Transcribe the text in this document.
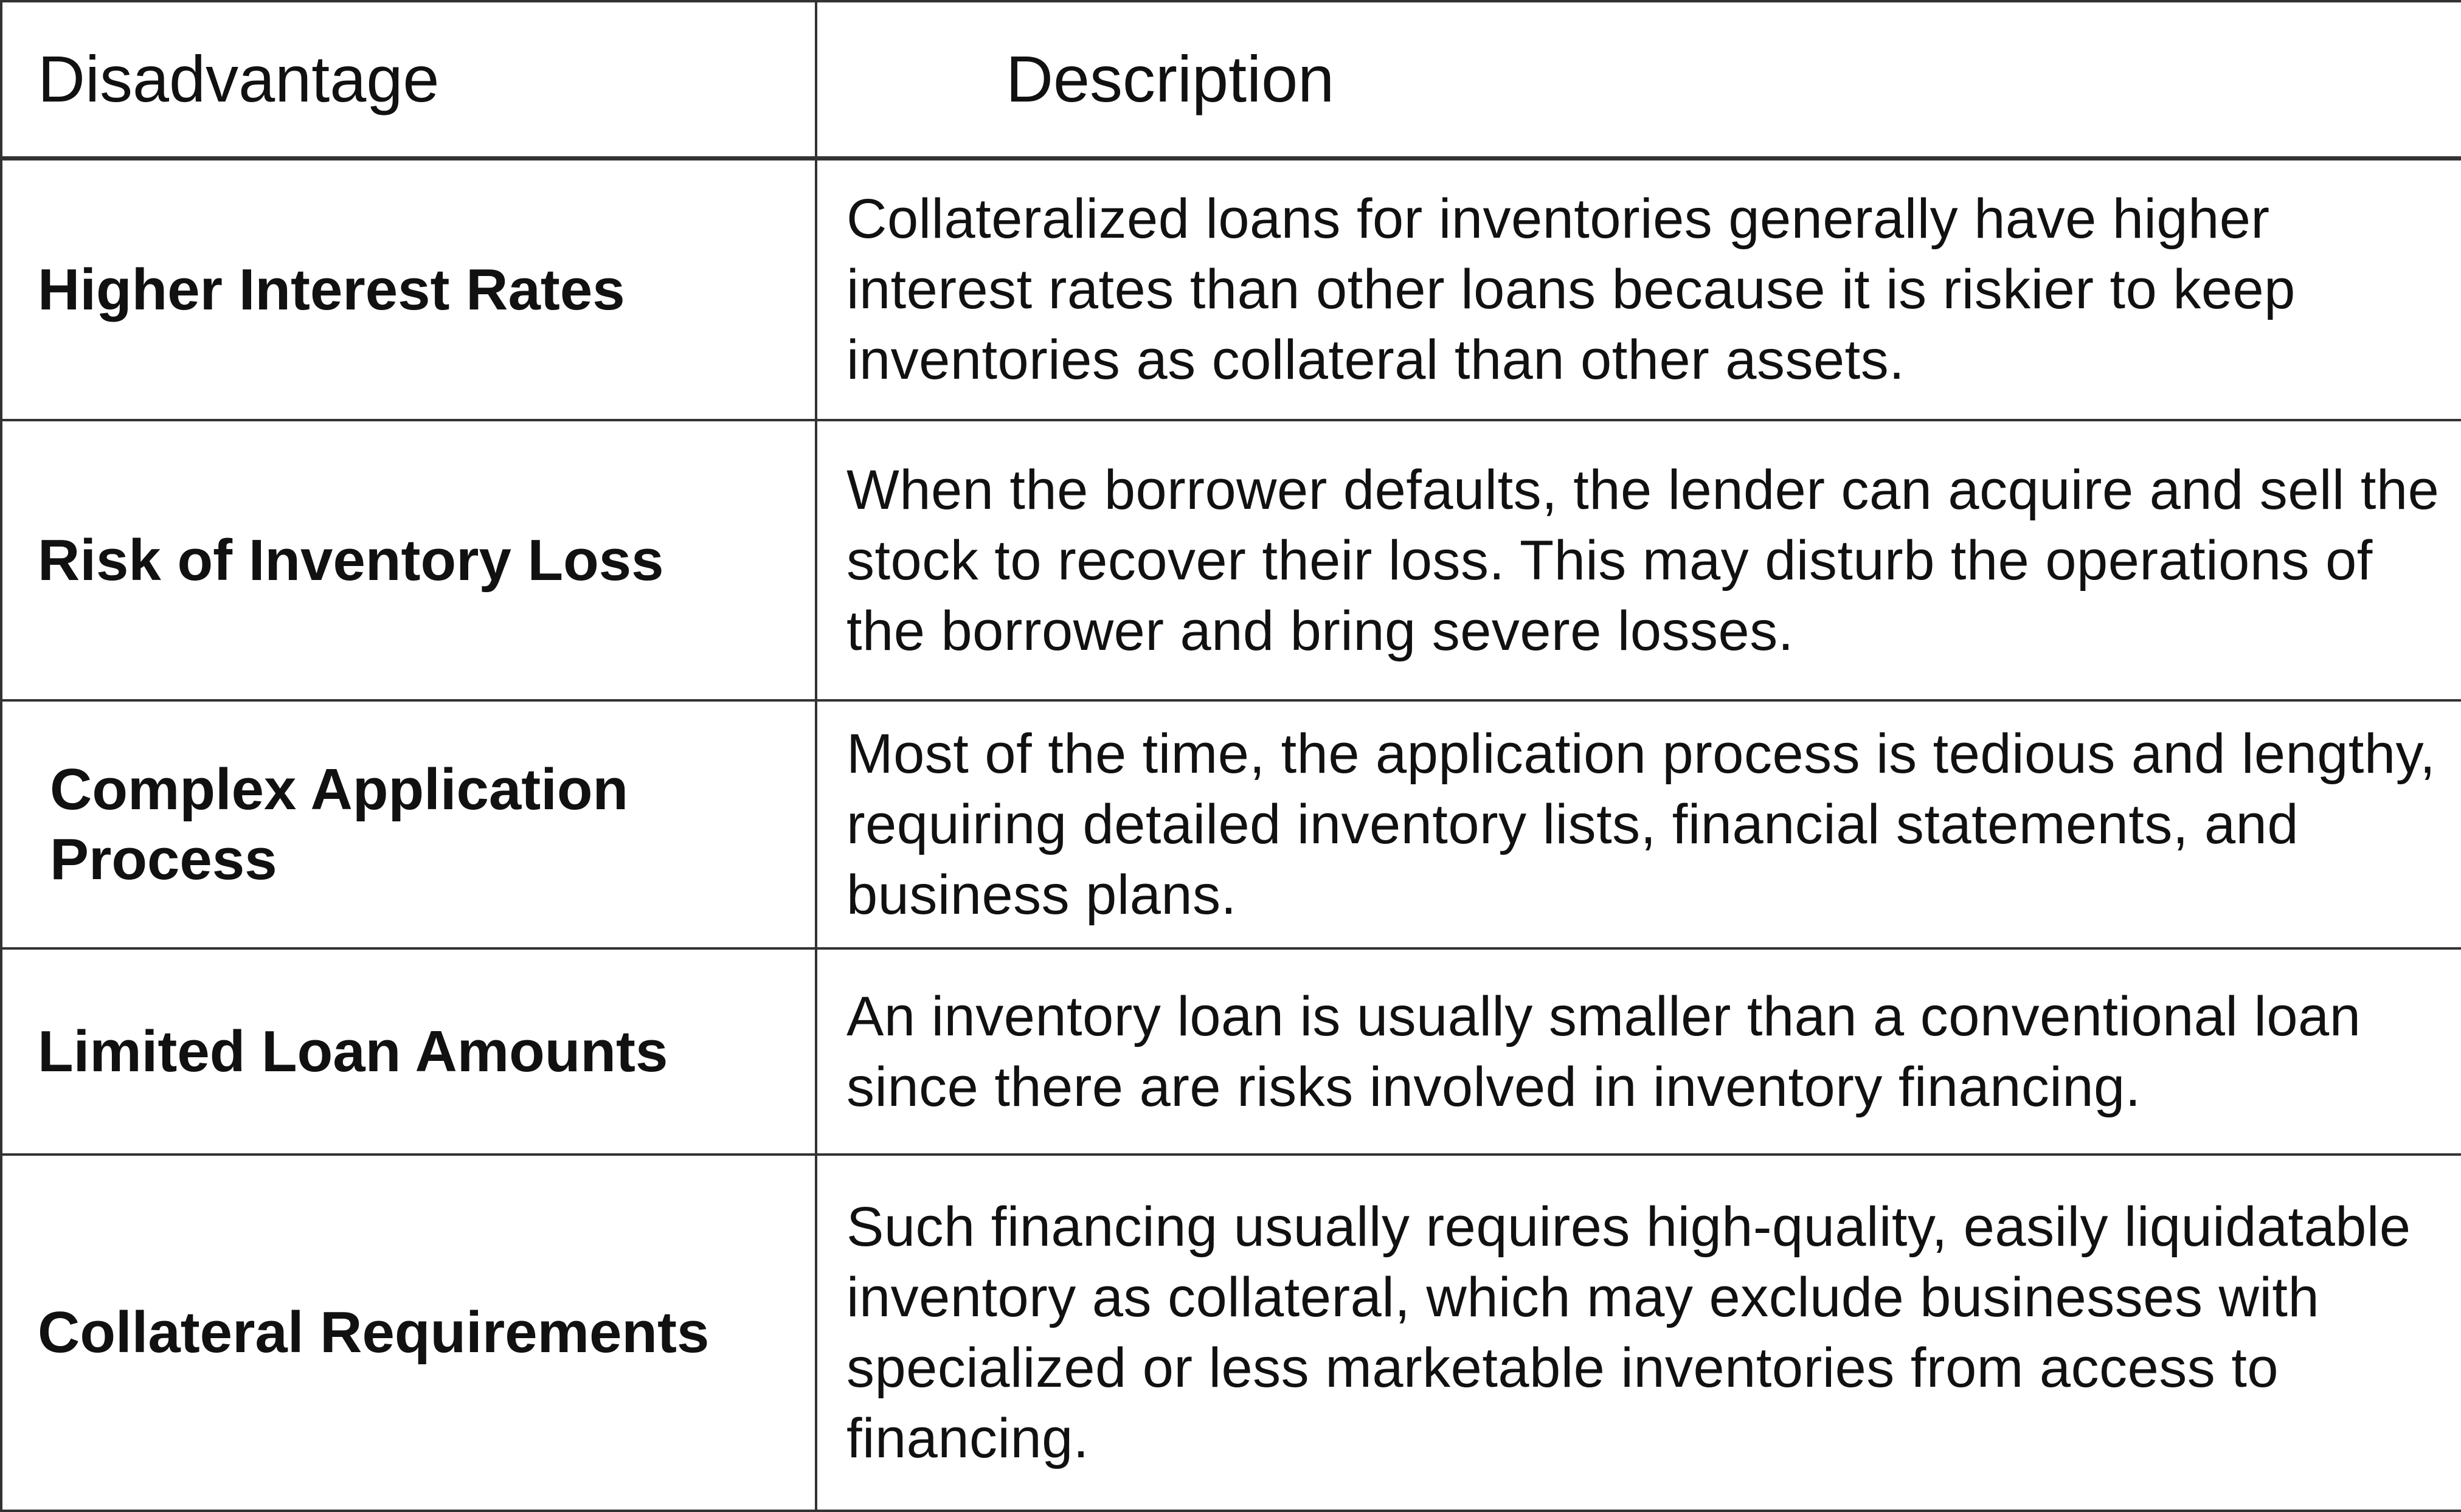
Disadvantage	Description
Higher Interest Rates	Collateralized loans for inventories generally have higher interest rates than other loans because it is riskier to keep inventories as collateral than other assets.
Risk of Inventory Loss	When the borrower defaults, the lender can acquire and sell the stock to recover their loss. This may disturb the operations of the borrower and bring severe losses.
Complex Application Process	Most of the time, the application process is tedious and lengthy, requiring detailed inventory lists, financial statements, and business plans.
Limited Loan Amounts	An inventory loan is usually smaller than a conventional loan since there are risks involved in inventory financing.
Collateral Requirements	Such financing usually requires high-quality, easily liquidatable inventory as collateral, which may exclude businesses with specialized or less marketable inventories from access to financing.
